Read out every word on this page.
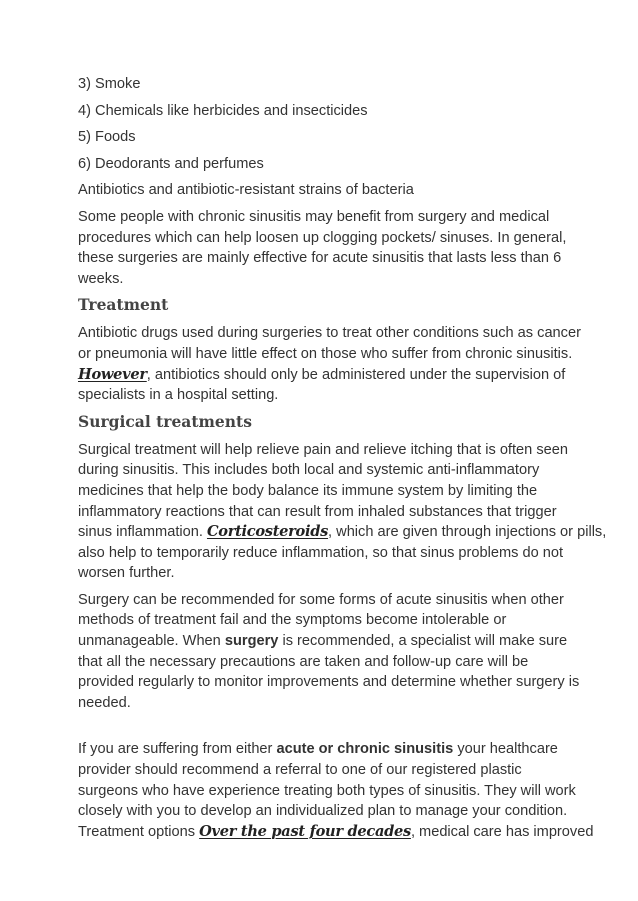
3) Smoke
4) Chemicals like herbicides and insecticides
5) Foods
6) Deodorants and perfumes
Antibiotics and antibiotic-resistant strains of bacteria
Some people with chronic sinusitis may benefit from surgery and medical
procedures which can help loosen up clogging pockets/ sinuses. In general,
these surgeries are mainly effective for acute sinusitis that lasts less than 6
weeks.
Treatment
Antibiotic drugs used during surgeries to treat other conditions such as cancer
or pneumonia will have little effect on those who suffer from chronic sinusitis.
However, antibiotics should only be administered under the supervision of
specialists in a hospital setting.
Surgical treatments
Surgical treatment will help relieve pain and relieve itching that is often seen
during sinusitis. This includes both local and systemic anti-inflammatory
medicines that help the body balance its immune system by limiting the
inflammatory reactions that can result from inhaled substances that trigger
sinus inflammation. Corticosteroids, which are given through injections or pills,
also help to temporarily reduce inflammation, so that sinus problems do not
worsen further.
Surgery can be recommended for some forms of acute sinusitis when other
methods of treatment fail and the symptoms become intolerable or
unmanageable. When surgery is recommended, a specialist will make sure
that all the necessary precautions are taken and follow-up care will be
provided regularly to monitor improvements and determine whether surgery is
needed.
If you are suffering from either acute or chronic sinusitis your healthcare
provider should recommend a referral to one of our registered plastic
surgeons who have experience treating both types of sinusitis. They will work
closely with you to develop an individualized plan to manage your condition.
Treatment options Over the past four decades, medical care has improved
